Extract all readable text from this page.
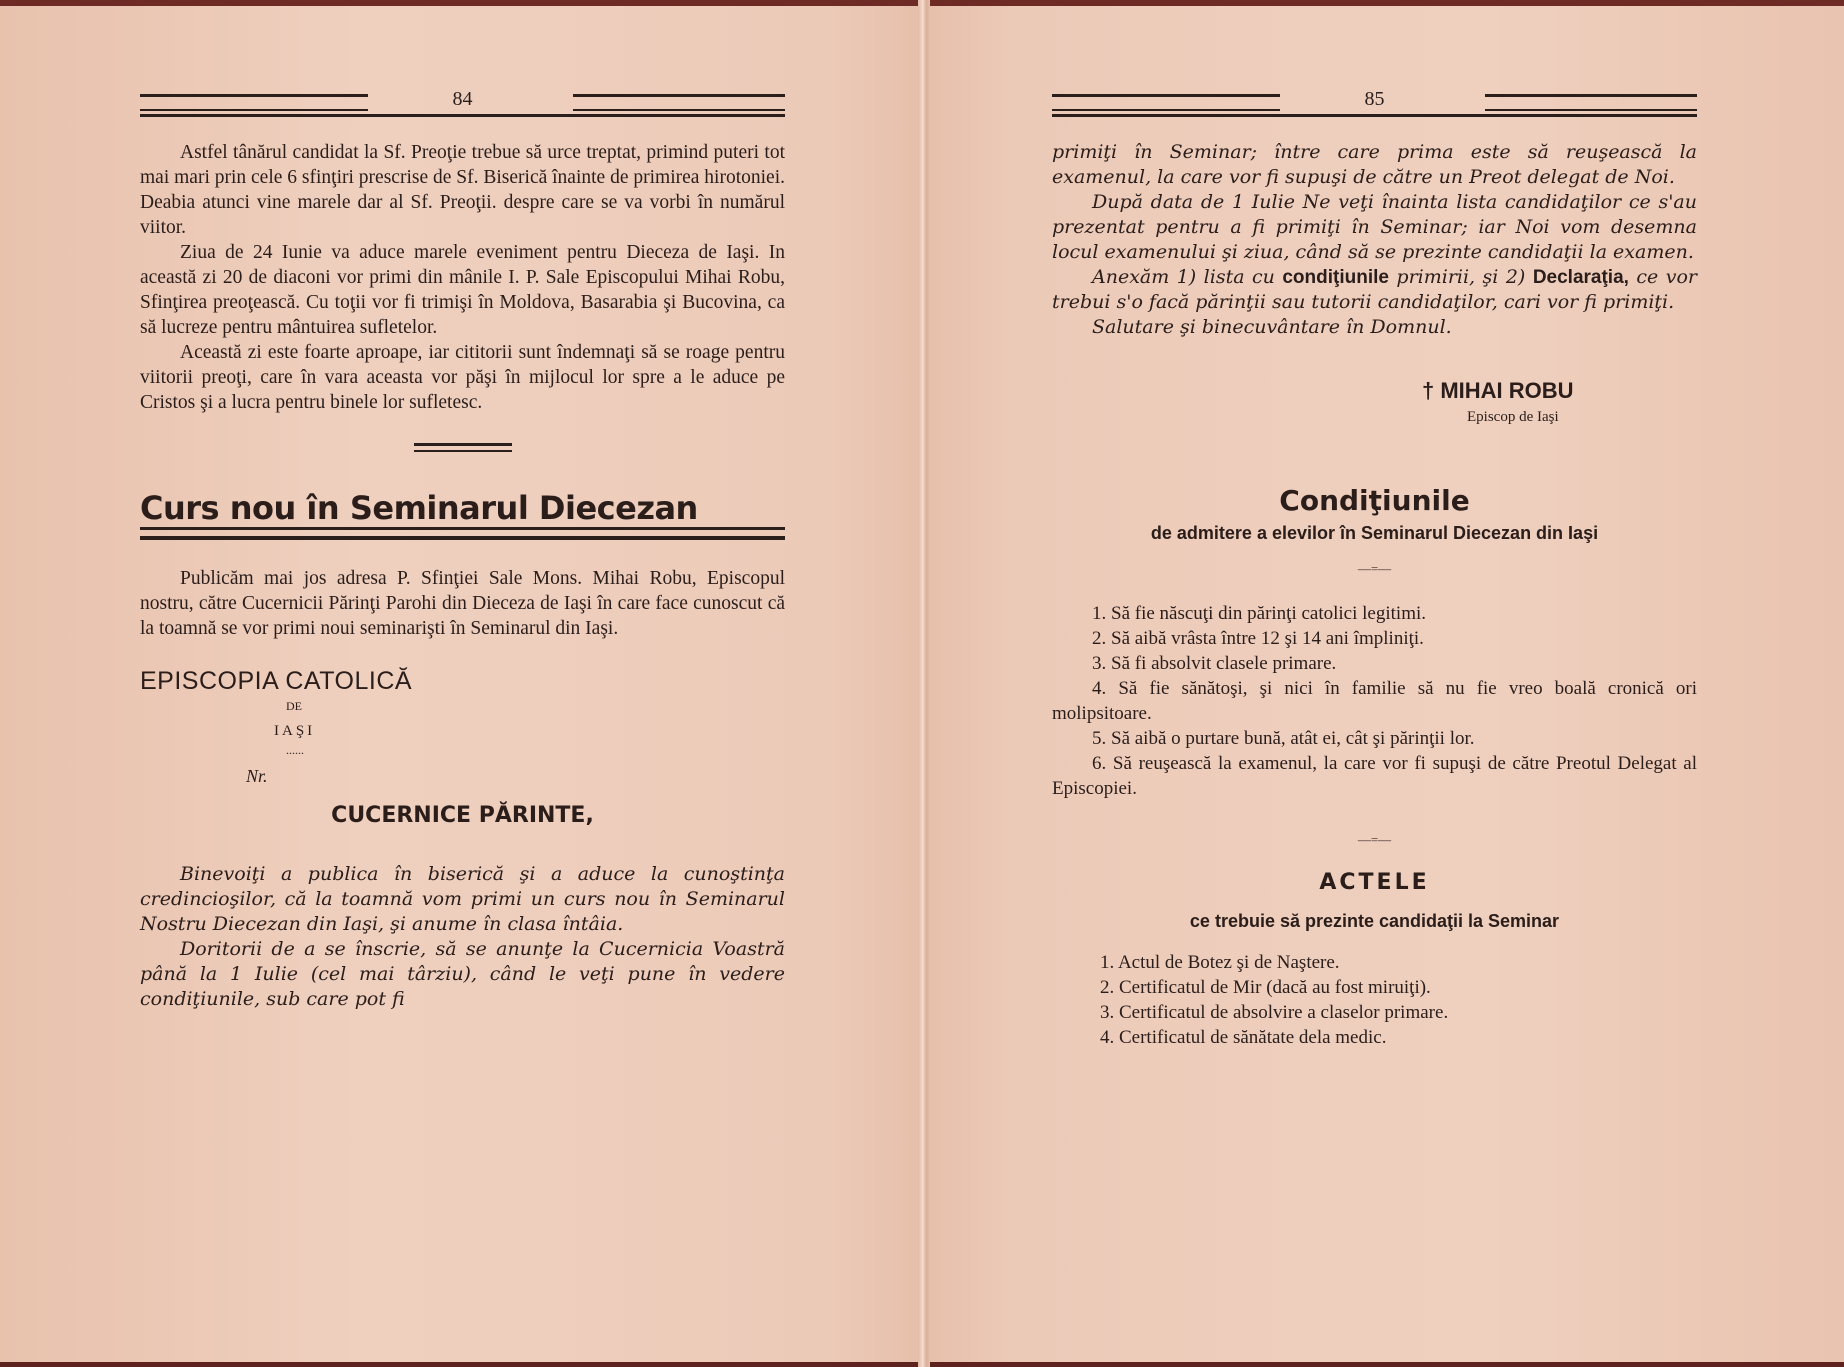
84

Astfel tânărul candidat la Sf. Preoţie trebue să urce treptat, primind puteri tot mai mari prin cele 6 sfinţiri prescrise de Sf. Biserică înainte de primirea hirotoniei. Deabia atunci vine marele dar al Sf. Preoţii. despre care se va vorbi în numărul viitor.

Ziua de 24 Iunie va aduce marele eveniment pentru Dieceza de Iaşi. In această zi 20 de diaconi vor primi din mânile I. P. Sale Episcopului Mihai Robu, Sfinţirea preoţească. Cu toţii vor fi trimişi în Moldova, Basarabia şi Bucovina, ca să lucreze pentru mântuirea sufletelor.

Această zi este foarte aproape, iar cititorii sunt îndemnaţi să se roage pentru viitorii preoţi, care în vara aceasta vor păşi în mijlocul lor spre a le aduce pe Cristos şi a lucra pentru binele lor sufletesc.

Curs nou în Seminarul Diecezan

Publicăm mai jos adresa P. Sfinţiei Sale Mons. Mihai Robu, Episcopul nostru, către Cucernicii Părinţi Parohi din Dieceza de Iaşi în care face cunoscut că la toamnă se vor primi noui seminarişti în Seminarul din Iaşi.

EPISCOPIA CATOLICĂ
DE
IAŞI
......
Nr.
CUCERNICE PĂRINTE,

Binevoiţi a publica în biserică şi a aduce la cunoştinţa credincioşilor, că la toamnă vom primi un curs nou în Seminarul Nostru Diecezan din Iaşi, şi anume în clasa întâia.

Doritorii de a se înscrie, să se anunţe la Cucernicia Voastră până la 1 Iulie (cel mai târziu), când le veţi pune în vedere condiţiunile, sub care pot fi

85

primiţi în Seminar; între care prima este să reuşească la examenul, la care vor fi supuşi de către un Preot delegat de Noi.

După data de 1 Iulie Ne veţi înainta lista candidaţilor ce s'au prezentat pentru a fi primiţi în Seminar; iar Noi vom desemna locul examenului şi ziua, când să se prezinte candidaţii la examen.

Anexăm 1) lista cu condiţiunile primirii, şi 2) Declaraţia, ce vor trebui s'o facă părinţii sau tutorii candidaţilor, cari vor fi primiţi.

Salutare şi binecuvântare în Domnul.

† MIHAI ROBU
Episcop de Iaşi
Condiţiunile
de admitere a elevilor în Seminarul Diecezan din Iaşi
—=—

1. Să fie născuţi din părinţi catolici legitimi.

2. Să aibă vrâsta între 12 şi 14 ani împliniţi.

3. Să fi absolvit clasele primare.

4. Să fie sănătoşi, şi nici în familie să nu fie vreo boală cronică ori molipsitoare.

5. Să aibă o purtare bună, atât ei, cât şi părinţii lor.

6. Să reuşească la examenul, la care vor fi supuşi de către Preotul Delegat al Episcopiei.

—=—
ACTELE
ce trebuie să prezinte candidaţii la Seminar

1. Actul de Botez şi de Naştere.

2. Certificatul de Mir (dacă au fost miruiţi).

3. Certificatul de absolvire a claselor primare.

4. Certificatul de sănătate dela medic.
